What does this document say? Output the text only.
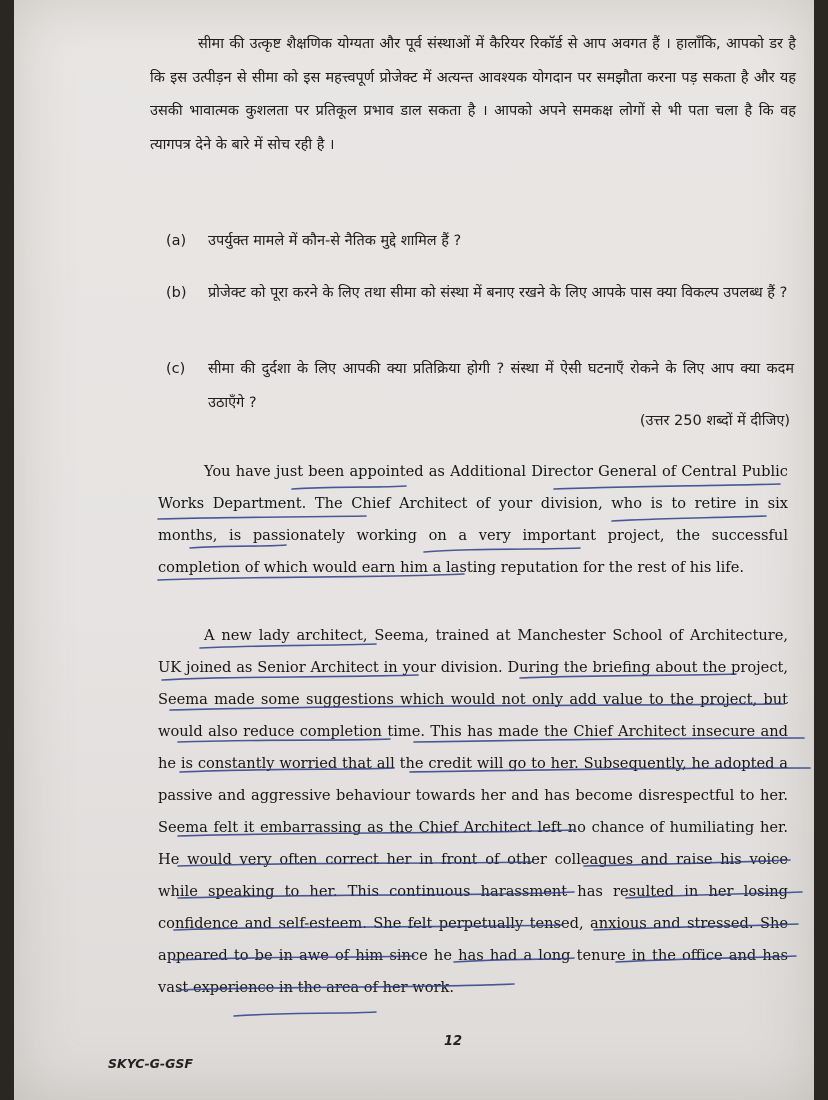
सीमा की उत्कृष्ट शैक्षणिक योग्यता और पूर्व संस्थाओं में कैरियर रिकॉर्ड से आप अवगत हैं । हालाँकि, आपको डर है कि इस उत्पीड़न से सीमा को इस महत्त्वपूर्ण प्रोजेक्ट में अत्यन्त आवश्यक योगदान पर समझौता करना पड़ सकता है और यह उसकी भावात्मक कुशलता पर प्रतिकूल प्रभाव डाल सकता है । आपको अपने समकक्ष लोगों से भी पता चला है कि वह त्यागपत्र देने के बारे में सोच रही है ।
(a)	उपर्युक्त मामले में कौन-से नैतिक मुद्दे शामिल हैं ?
(b)	प्रोजेक्ट को पूरा करने के लिए तथा सीमा को संस्था में बनाए रखने के लिए आपके पास क्या विकल्प उपलब्ध हैं ?
(c)	सीमा की दुर्दशा के लिए आपकी क्या प्रतिक्रिया होगी ? संस्था में ऐसी घटनाएँ रोकने के लिए आप क्या कदम उठाएँगे ?
(उत्तर 250 शब्दों में दीजिए)
You have just been appointed as Additional Director General of Central Public Works Department. The Chief Architect of your division, who is to retire in six months, is passionately working on a very important project, the successful completion of which would earn him a lasting reputation for the rest of his life.
A new lady architect, Seema, trained at Manchester School of Architecture, UK joined as Senior Architect in your division. During the briefing about the project, Seema made some suggestions which would not only add value to the project, but would also reduce completion time. This has made the Chief Architect insecure and he is constantly worried that all the credit will go to her. Subsequently, he adopted a passive and aggressive behaviour towards her and has become disrespectful to her. Seema felt it embarrassing as the Chief Architect left no chance of humiliating her. He would very often correct her in front of other colleagues and raise his voice while speaking to her. This continuous harassment has resulted in her losing confidence and self-esteem. She felt perpetually tensed, anxious and stressed. She appeared to be in awe of him since he has had a long tenure in the office and has vast experience in the area of her work.
12
SKYC-G-GSF
